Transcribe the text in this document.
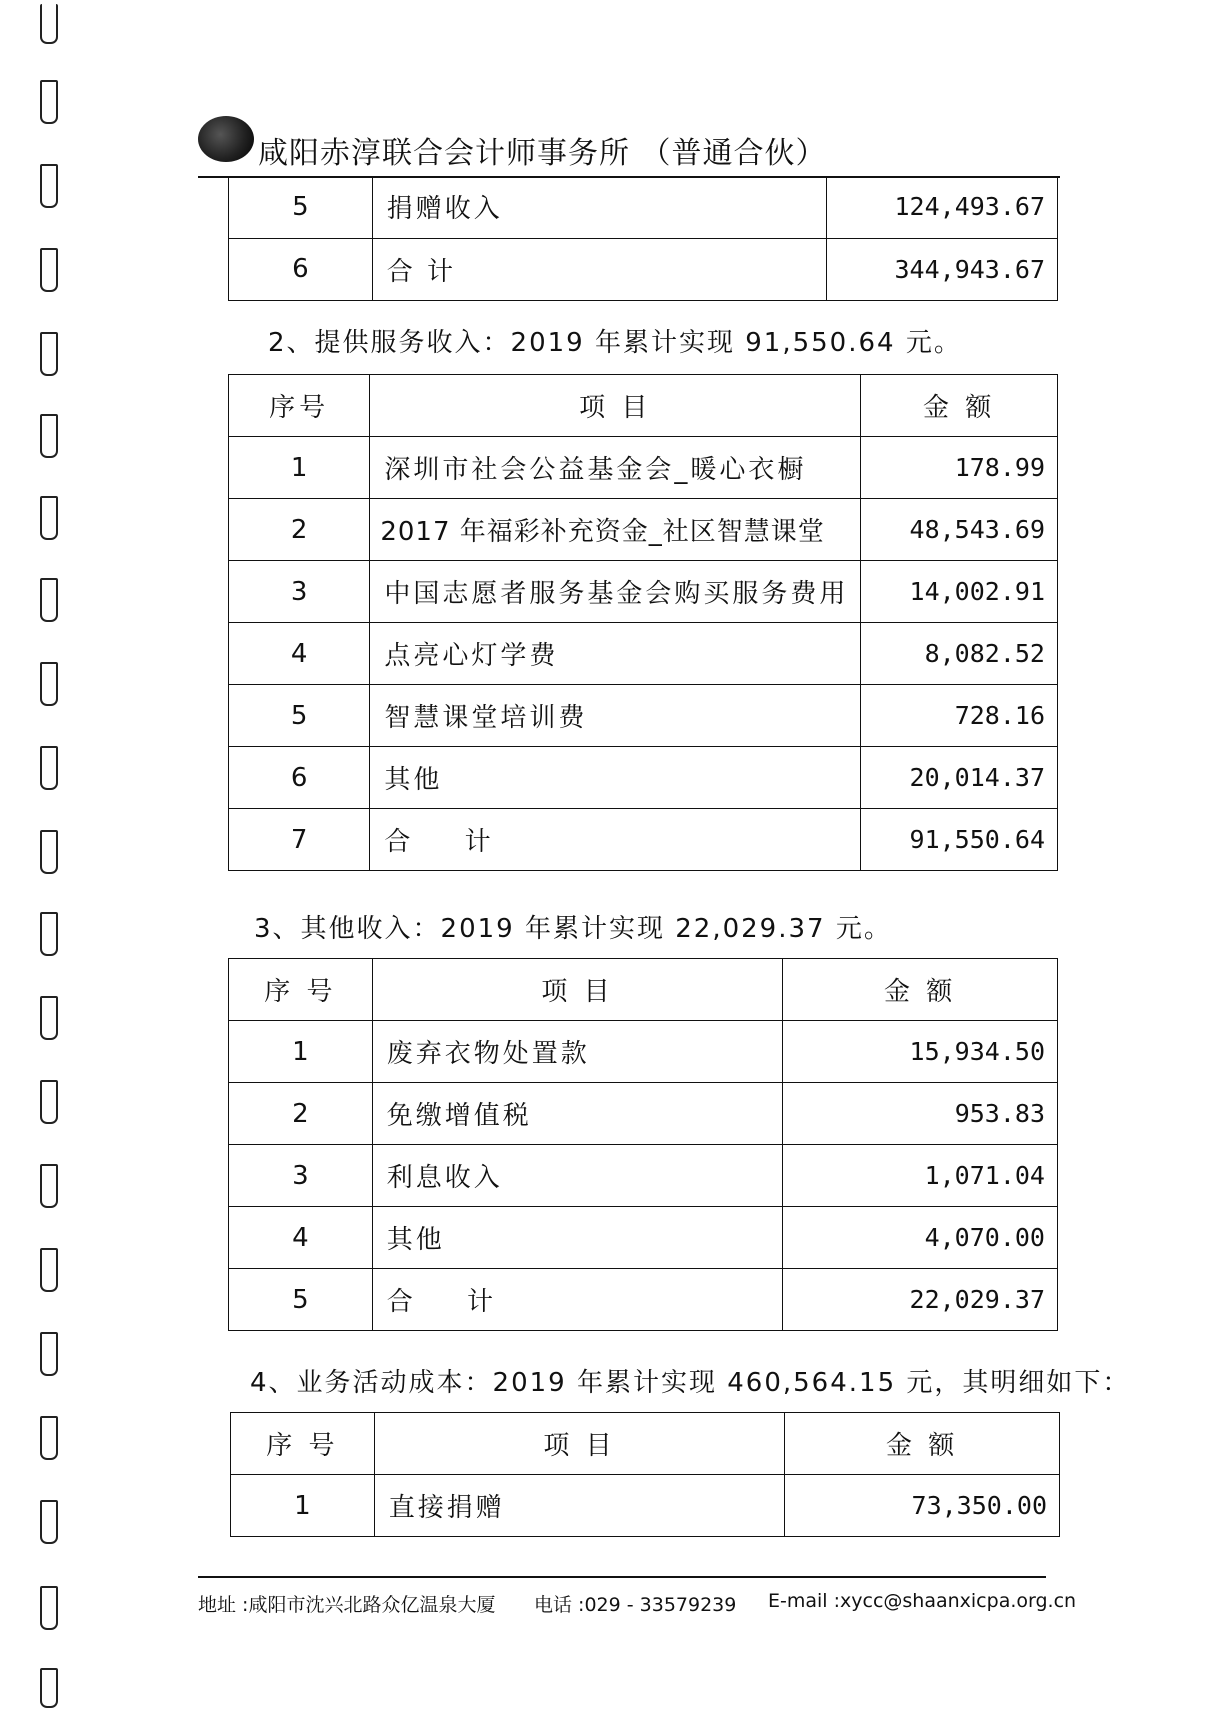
咸阳赤淳联合会计师事务所 （普通合伙）
5	捐赠收入	124,493.67
6	合 计	344,943.67
2、提供服务收入：2019 年累计实现 91,550.64 元。
序号	项 目	金 额
1	深圳市社会公益基金会_暖心衣橱	178.99
2	2017 年福彩补充资金_社区智慧课堂	48,543.69
3	中国志愿者服务基金会购买服务费用	14,002.91
4	点亮心灯学费	8,082.52
5	智慧课堂培训费	728.16
6	其他	20,014.37
7	合 计	91,550.64
3、其他收入：2019 年累计实现 22,029.37 元。
序 号	项 目	金 额
1	废弃衣物处置款	15,934.50
2	免缴增值税	953.83
3	利息收入	1,071.04
4	其他	4,070.00
5	合 计	22,029.37
4、业务活动成本：2019 年累计实现 460,564.15 元，其明细如下：
序 号	项 目	金 额
1	直接捐赠	73,350.00
地址 :咸阳市沈兴北路众亿温泉大厦 电话 :029 - 33579239 E-mail :xycc@shaanxicpa.org.cn
